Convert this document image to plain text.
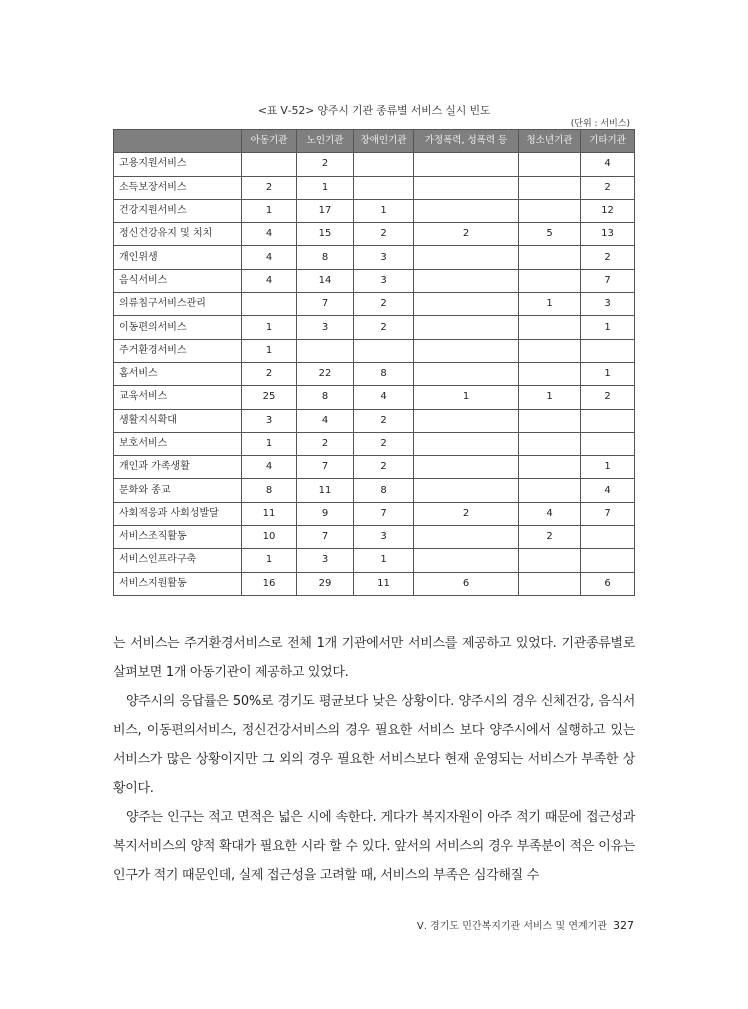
<표 Ⅴ-52> 양주시 기관 종류별 서비스 실시 빈도
(단위 : 서비스)
	아동기관	노인기관	장애인기관	가정폭력, 성폭력 등	청소년기관	기타기관
고용지원서비스		2				4
소득보장서비스	2	1				2
건강지원서비스	1	17	1			12
정신건강유지 및 치치	4	15	2	2	5	13
개인위생	4	8	3			2
음식서비스	4	14	3			7
의류침구서비스관리		7	2		1	3
이동편의서비스	1	3	2			1
주거환경서비스	1					
홈서비스	2	22	8			1
교육서비스	25	8	4	1	1	2
생활지식확대	3	4	2			
보호서비스	1	2	2			
개인과 가족생활	4	7	2			1
문화와 종교	8	11	8			4
사회적응과 사회성발달	11	9	7	2	4	7
서비스조직활동	10	7	3		2	
서비스인프라구축	1	3	1			
서비스지원활동	16	29	11	6		6

는 서비스는 주거환경서비스로 전체 1개 기관에서만 서비스를 제공하고 있었다. 기관종류별로 살펴보면 1개 아동기관이 제공하고 있었다.

양주시의 응답률은 50%로 경기도 평균보다 낮은 상황이다. 양주시의 경우 신체건강, 음식서비스, 이동편의서비스, 정신건강서비스의 경우 필요한 서비스 보다 양주시에서 실행하고 있는 서비스가 많은 상황이지만 그 외의 경우 필요한 서비스보다 현재 운영되는 서비스가 부족한 상황이다.

양주는 인구는 적고 면적은 넓은 시에 속한다. 게다가 복지자원이 아주 적기 때문에 접근성과 복지서비스의 양적 확대가 필요한 시라 할 수 있다. 앞서의 서비스의 경우 부족분이 적은 이유는 인구가 적기 때문인데, 실제 접근성을 고려할 때, 서비스의 부족은 심각해질 수

Ⅴ. 경기도 민간복지기관 서비스 및 연계기관 327
